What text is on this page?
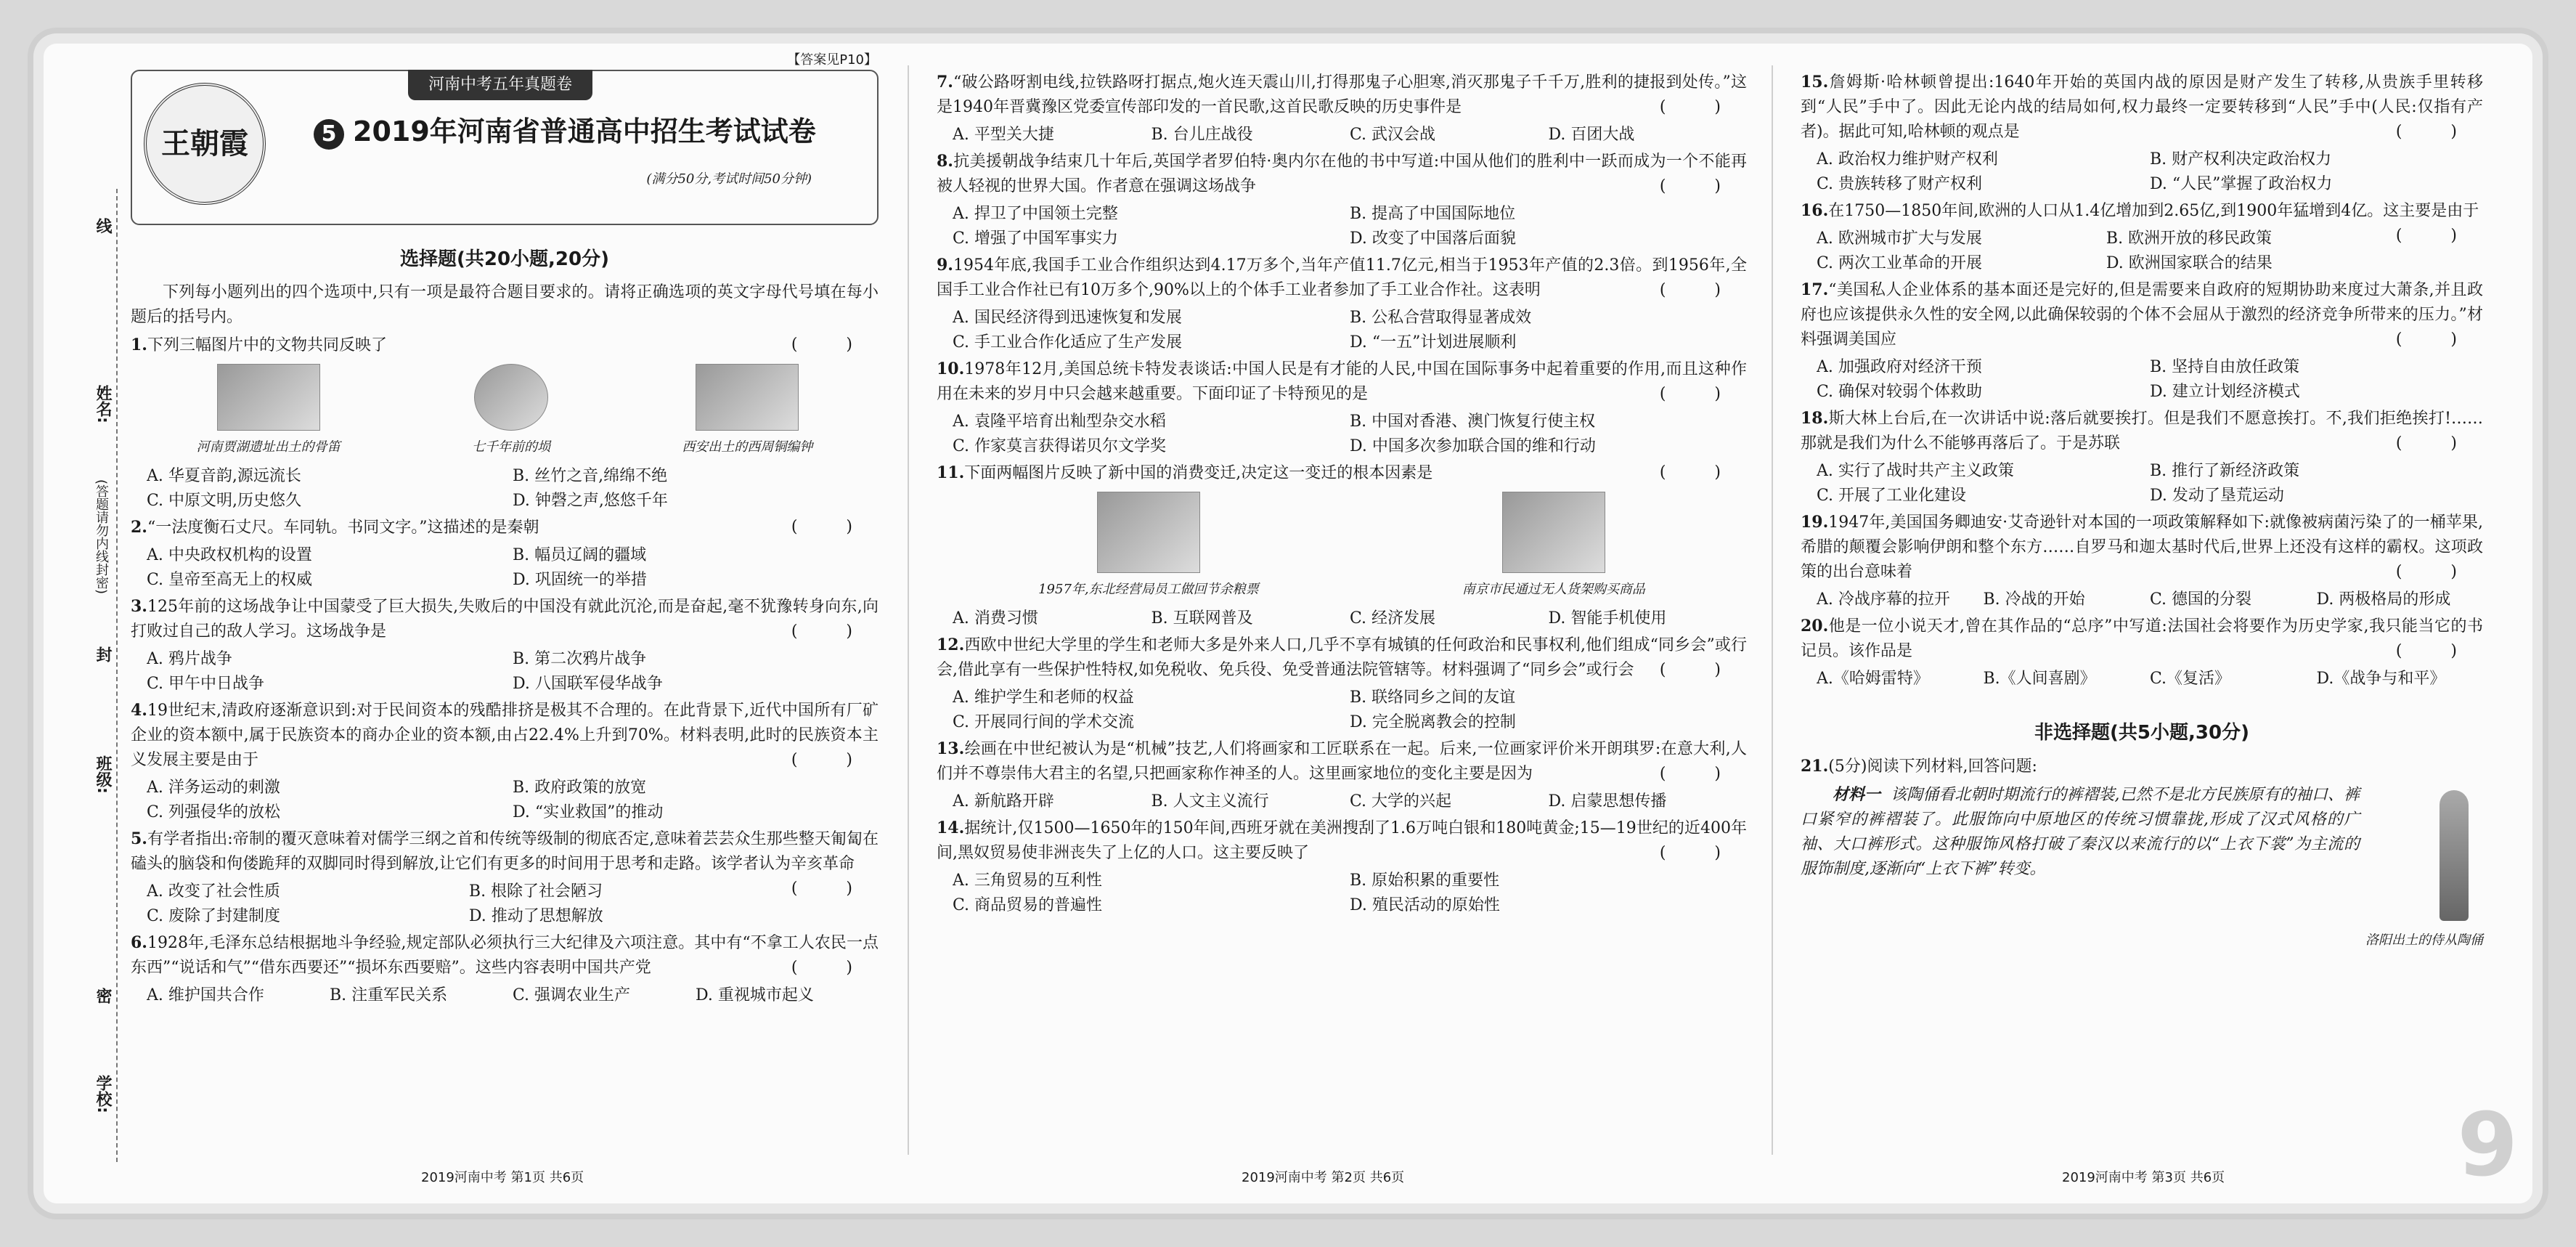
线
姓名:
(答题请勿内线封密)
封
班级:
密
学校:
【答案见P10】
王朝霞
河南中考五年真题卷
5 2019年河南省普通高中招生考试试卷
(满分50分,考试时间50分钟)
选择题(共20小题,20分)

下列每小题列出的四个选项中,只有一项是最符合题目要求的。请将正确选项的英文字母代号填在每小题后的括号内。

1.下列三幅图片中的文物共同反映了	( )

河南贾湖遗址出土的骨笛	七千年前的埙	西安出土的西周铜编钟
A. 华夏音韵,源远流长	B. 丝竹之音,绵绵不绝
C. 中原文明,历史悠久	D. 钟磬之声,悠悠千年

2.“一法度衡石丈尺。车同轨。书同文字。”这描述的是秦朝	( )

A. 中央政权机构的设置	B. 幅员辽阔的疆域
C. 皇帝至高无上的权威	D. 巩固统一的举措

3.125年前的这场战争让中国蒙受了巨大损失,失败后的中国没有就此沉沦,而是奋起,毫不犹豫转身向东,向打败过自己的敌人学习。这场战争是	( )

A. 鸦片战争	B. 第二次鸦片战争
C. 甲午中日战争	D. 八国联军侵华战争

4.19世纪末,清政府逐渐意识到:对于民间资本的残酷排挤是极其不合理的。在此背景下,近代中国所有厂矿企业的资本额中,属于民族资本的商办企业的资本额,由占22.4%上升到70%。材料表明,此时的民族资本主义发展主要是由于	( )

A. 洋务运动的刺激	B. 政府政策的放宽
C. 列强侵华的放松	D. “实业救国”的推动

5.有学者指出:帝制的覆灭意味着对儒学三纲之首和传统等级制的彻底否定,意味着芸芸众生那些整天匍匐在磕头的脑袋和佝偻跪拜的双脚同时得到解放,让它们有更多的时间用于思考和走路。该学者认为辛亥革命
( )

A. 改变了社会性质	B. 根除了社会陋习
C. 废除了封建制度	D. 推动了思想解放

6.1928年,毛泽东总结根据地斗争经验,规定部队必须执行三大纪律及六项注意。其中有“不拿工人农民一点东西”“说话和气”“借东西要还”“损坏东西要赔”。这些内容表明中国共产党	( )

A. 维护国共合作	B. 注重军民关系	C. 强调农业生产	D. 重视城市起义
2019河南中考 第1页 共6页

7.“破公路呀割电线,拉铁路呀打据点,炮火连天震山川,打得那鬼子心胆寒,消灭那鬼子千千万,胜利的捷报到处传。”这是1940年晋冀豫区党委宣传部印发的一首民歌,这首民歌反映的历史事件是	( )

A. 平型关大捷	B. 台儿庄战役	C. 武汉会战	D. 百团大战

8.抗美援朝战争结束几十年后,英国学者罗伯特·奥内尔在他的书中写道:中国从他们的胜利中一跃而成为一个不能再被人轻视的世界大国。作者意在强调这场战争	( )

A. 捍卫了中国领土完整	B. 提高了中国国际地位
C. 增强了中国军事实力	D. 改变了中国落后面貌

9.1954年底,我国手工业合作组织达到4.17万多个,当年产值11.7亿元,相当于1953年产值的2.3倍。到1956年,全国手工业合作社已有10万多个,90%以上的个体手工业者参加了手工业合作社。这表明	( )

A. 国民经济得到迅速恢复和发展	B. 公私合营取得显著成效
C. 手工业合作化适应了生产发展	D. “一五”计划进展顺利

10.1978年12月,美国总统卡特发表谈话:中国人民是有才能的人民,中国在国际事务中起着重要的作用,而且这种作用在未来的岁月中只会越来越重要。下面印证了卡特预见的是	( )

A. 袁隆平培育出籼型杂交水稻	B. 中国对香港、澳门恢复行使主权
C. 作家莫言获得诺贝尔文学奖	D. 中国多次参加联合国的维和行动

11.下面两幅图片反映了新中国的消费变迁,决定这一变迁的根本因素是	( )

1957年,东北经营局员工做回节余粮票	南京市民通过无人货架购买商品
A. 消费习惯	B. 互联网普及	C. 经济发展	D. 智能手机使用

12.西欧中世纪大学里的学生和老师大多是外来人口,几乎不享有城镇的任何政治和民事权利,他们组成“同乡会”或行会,借此享有一些保护性特权,如免税收、免兵役、免受普通法院管辖等。材料强调了“同乡会”或行会 ( )

A. 维护学生和老师的权益	B. 联络同乡之间的友谊
C. 开展同行间的学术交流	D. 完全脱离教会的控制

13.绘画在中世纪被认为是“机械”技艺,人们将画家和工匠联系在一起。后来,一位画家评价米开朗琪罗:在意大利,人们并不尊崇伟大君主的名望,只把画家称作神圣的人。这里画家地位的变化主要是因为	( )

A. 新航路开辟	B. 人文主义流行	C. 大学的兴起	D. 启蒙思想传播

14.据统计,仅1500—1650年的150年间,西班牙就在美洲搜刮了1.6万吨白银和180吨黄金;15—19世纪的近400年间,黑奴贸易使非洲丧失了上亿的人口。这主要反映了	( )

A. 三角贸易的互利性	B. 原始积累的重要性
C. 商品贸易的普遍性	D. 殖民活动的原始性
2019河南中考 第2页 共6页

15.詹姆斯·哈林顿曾提出:1640年开始的英国内战的原因是财产发生了转移,从贵族手里转移到“人民”手中了。因此无论内战的结局如何,权力最终一定要转移到“人民”手中(人民:仅指有产者)。据此可知,哈林顿的观点是	( )

A. 政治权力维护财产权利	B. 财产权利决定政治权力
C. 贵族转移了财产权利	D. “人民”掌握了政治权力

16.在1750—1850年间,欧洲的人口从1.4亿增加到2.65亿,到1900年猛增到4亿。这主要是由于
( )

A. 欧洲城市扩大与发展	B. 欧洲开放的移民政策
C. 两次工业革命的开展	D. 欧洲国家联合的结果

17.“美国私人企业体系的基本面还是完好的,但是需要来自政府的短期协助来度过大萧条,并且政府也应该提供永久性的安全网,以此确保较弱的个体不会屈从于激烈的经济竞争所带来的压力。”材料强调美国应	( )

A. 加强政府对经济干预	B. 坚持自由放任政策
C. 确保对较弱个体救助	D. 建立计划经济模式

18.斯大林上台后,在一次讲话中说:落后就要挨打。但是我们不愿意挨打。不,我们拒绝挨打!……那就是我们为什么不能够再落后了。于是苏联	( )

A. 实行了战时共产主义政策	B. 推行了新经济政策
C. 开展了工业化建设	D. 发动了垦荒运动

19.1947年,美国国务卿迪安·艾奇逊针对本国的一项政策解释如下:就像被病菌污染了的一桶苹果,希腊的颠覆会影响伊朗和整个东方……自罗马和迦太基时代后,世界上还没有这样的霸权。这项政策的出台意味着	( )

A. 冷战序幕的拉开	B. 冷战的开始	C. 德国的分裂	D. 两极格局的形成

20.他是一位小说天才,曾在其作品的“总序”中写道:法国社会将要作为历史学家,我只能当它的书记员。该作品是	( )

A.《哈姆雷特》	B.《人间喜剧》	C.《复活》	D.《战争与和平》
非选择题(共5小题,30分)

21.(5分)阅读下列材料,回答问题:

材料一 该陶俑看北朝时期流行的裤褶装,已然不是北方民族原有的袖口、裤口紧窄的裤褶装了。此服饰向中原地区的传统习惯靠拢,形成了汉式风格的广袖、大口裤形式。这种服饰风格打破了秦汉以来流行的以“上衣下裳”为主流的服饰制度,逐渐向“上衣下裤”转变。

洛阳出土的侍从陶俑
2019河南中考 第3页 共6页	9
